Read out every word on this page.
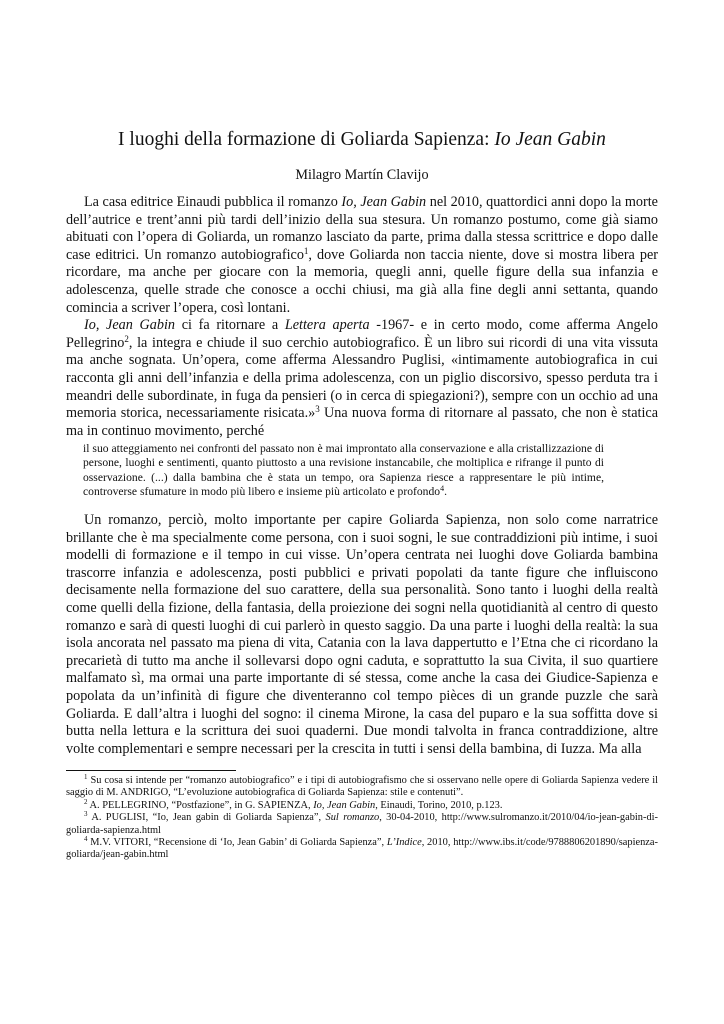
I luoghi della formazione di Goliarda Sapienza: Io Jean Gabin
Milagro Martín Clavijo

La casa editrice Einaudi pubblica il romanzo Io, Jean Gabin nel 2010, quattordici anni dopo la morte dell’autrice e trent’anni più tardi dell’inizio della sua stesura. Un romanzo postumo, come già siamo abituati con l’opera di Goliarda, un romanzo lasciato da parte, prima dalla stessa scrittrice e dopo dalle case editrici. Un romanzo autobiografico$^1$, dove Goliarda non taccia niente, dove si mostra libera per ricordare, ma anche per giocare con la memoria, quegli anni, quelle figure della sua infanzia e adolescenza, quelle strade che conosce a occhi chiusi, ma già alla fine degli anni settanta, quando comincia a scriver l’opera, così lontani.

Io, Jean Gabin ci fa ritornare a Lettera aperta -1967- e in certo modo, come afferma Angelo Pellegrino$^2$, la integra e chiude il suo cerchio autobiografico. È un libro sui ricordi di una vita vissuta ma anche sognata. Un’opera, come afferma Alessandro Puglisi, «intimamente autobiografica in cui racconta gli anni dell’infanzia e della prima adolescenza, con un piglio discorsivo, spesso perduta tra i meandri delle subordinate, in fuga da pensieri (o in cerca di spiegazioni?), sempre con un occhio ad una memoria storica, necessariamente risicata.»$^3$ Una nuova forma di ritornare al passato, che non è statica ma in continuo movimento, perché

il suo atteggiamento nei confronti del passato non è mai improntato alla conservazione e alla cristallizzazione di persone, luoghi e sentimenti, quanto piuttosto a una revisione instancabile, che moltiplica e rifrange il punto di osservazione. (...) dalla bambina che è stata un tempo, ora Sapienza riesce a rappresentare le più intime, controverse sfumature in modo più libero e insieme più articolato e profondo$^4$.

Un romanzo, perciò, molto importante per capire Goliarda Sapienza, non solo come narratrice brillante che è ma specialmente come persona, con i suoi sogni, le sue contraddizioni più intime, i suoi modelli di formazione e il tempo in cui visse. Un’opera centrata nei luoghi dove Goliarda bambina trascorre infanzia e adolescenza, posti pubblici e privati popolati da tante figure che influiscono decisamente nella formazione del suo carattere, della sua personalità. Sono tanto i luoghi della realtà come quelli della fizione, della fantasia, della proiezione dei sogni nella quotidianità al centro di questo romanzo e sarà di questi luoghi di cui parlerò in questo saggio. Da una parte i luoghi della realtà: la sua isola ancorata nel passato ma piena di vita, Catania con la lava dappertutto e l’Etna che ci ricordano la precarietà di tutto ma anche il sollevarsi dopo ogni caduta, e soprattutto la sua Civita, il suo quartiere malfamato sì, ma ormai una parte importante di sé stessa, come anche la casa dei Giudice-Sapienza e popolata da un’infinità di figure che diventeranno col tempo pièces di un grande puzzle che sarà Goliarda. E dall’altra i luoghi del sogno: il cinema Mirone, la casa del puparo e la sua soffitta dove si butta nella lettura e la scrittura dei suoi quaderni. Due mondi talvolta in franca contraddizione, altre volte complementari e sempre necessari per la crescita in tutti i sensi della bambina, di Iuzza. Ma alla

$^1$ Su cosa si intende per “romanzo autobiografico” e i tipi di autobiografismo che si osservano nelle opere di Goliarda Sapienza vedere il saggio di M. ANDRIGO, “L’evoluzione autobiografica di Goliarda Sapienza: stile e contenuti”.

$^2$ A. PELLEGRINO, “Postfazione”, in G. SAPIENZA, Io, Jean Gabin, Einaudi, Torino, 2010, p.123.

$^3$ A. PUGLISI, “Io, Jean gabin di Goliarda Sapienza”, Sul romanzo, 30-04-2010, http://www.sulromanzo.it/2010/04/io-jean-gabin-di-goliarda-sapienza.html

$^4$ M.V. VITORI, “Recensione di ‘Io, Jean Gabin’ di Goliarda Sapienza”, L’Indice, 2010, http://www.ibs.it/code/9788806201890/sapienza-goliarda/jean-gabin.html
